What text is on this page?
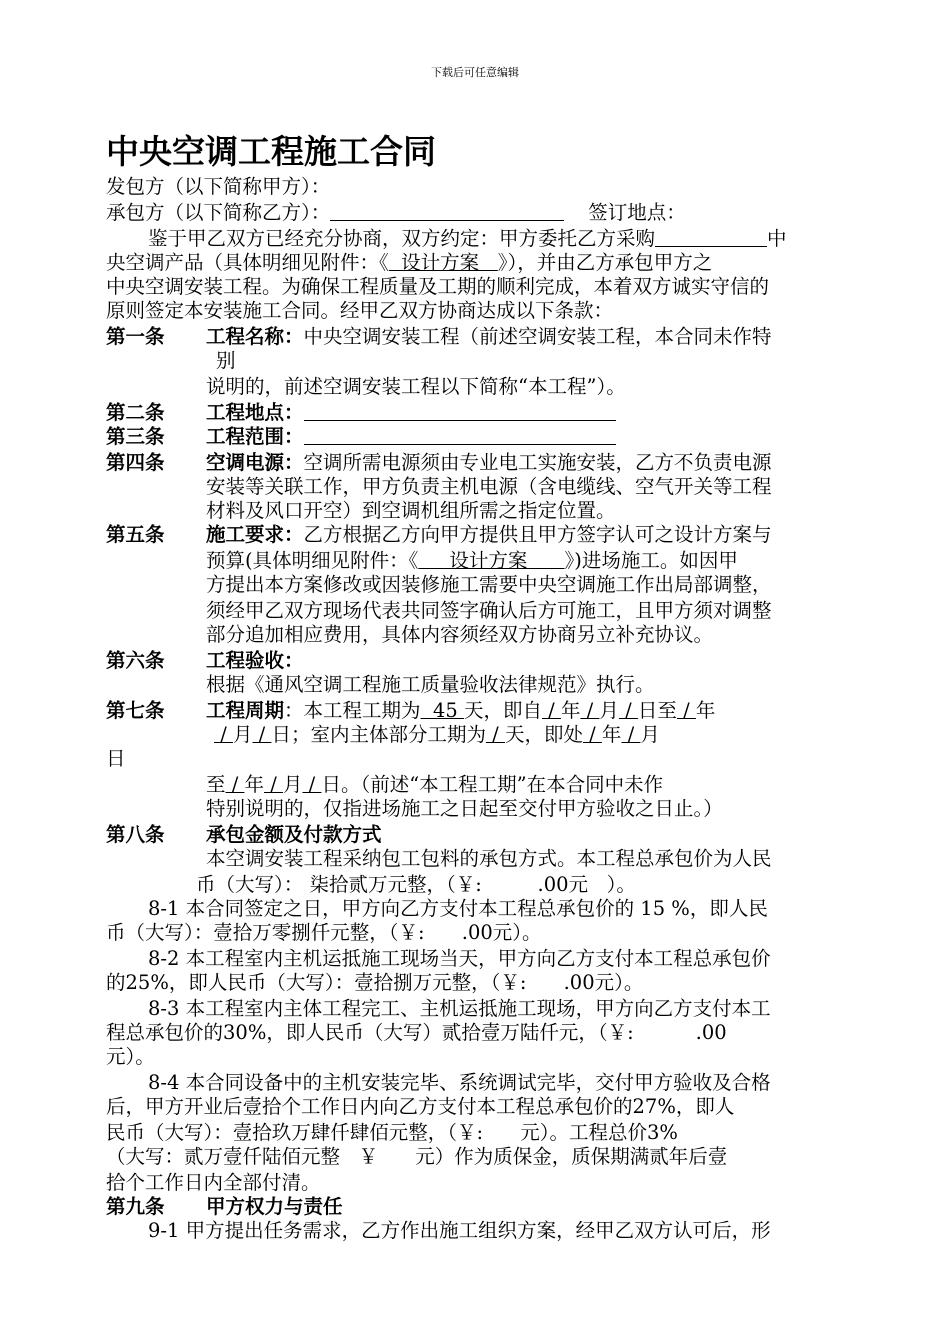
下载后可任意编辑
中央空调工程施工合同
发包方（以下简称甲方）：
承包方（以下简称乙方）：	签订地点：
鉴于甲乙双方已经充分协商，双方约定：甲方委托乙方采购	中
央空调产品（具体明细见附件：《  设计方案   》），并由乙方承包甲方之
中央空调安装工程。为确保工程质量及工期的顺利完成，本着双方诚实守信的
原则签定本安装施工合同。经甲乙双方协商达成以下条款：
第一条 工程名称：中央空调安装工程（前述空调安装工程，本合同未作特
别
说明的，前述空调安装工程以下简称“本工程”）。
第二条 工程地点：
第三条 工程范围：
第四条 空调电源：空调所需电源须由专业电工实施安装，乙方不负责电源
安装等关联工作，甲方负责主机电源（含电缆线、空气开关等工程
材料及风口开空）到空调机组所需之指定位置。
第五条 施工要求：乙方根据乙方向甲方提供且甲方签字认可之设计方案与
预算(具体明细见附件：《     设计方案      》)进场施工。如因甲
方提出本方案修改或因装修施工需要中央空调施工作出局部调整，
须经甲乙双方现场代表共同签字确认后方可施工，且甲方须对调整
部分追加相应费用，具体内容须经双方协商另立补充协议。
第六条 工程验收：
根据《通风空调工程施工质量验收法律规范》执行。
第七条 工程周期：本工程工期为  45 天，即自 / 年 / 月 / 日至 / 年
/ 月 / 日；室内主体部分工期为 / 天，即处 / 年 / 月
日
至 / 年 / 月 / 日。（前述“本工程工期”在本合同中未作
特别说明的，仅指进场施工之日起至交付甲方验收之日止。）
第八条 承包金额及付款方式
本空调安装工程采纳包工包料的承包方式。本工程总承包价为人民
币（大写）： 柒拾贰万元整，（￥:         .00元   ）。
8-1 本合同签定之日，甲方向乙方支付本工程总承包价的 15 %，即人民
币（大写）：壹拾万零捌仟元整，（￥:      .00元）。
8-2 本工程室内主机运抵施工现场当天，甲方向乙方支付本工程总承包价
的25%，即人民币（大写）：壹拾捌万元整，（￥:      .00元）。
8-3 本工程室内主体工程完工、主机运抵施工现场，甲方向乙方支付本工
程总承包价的30%，即人民币（大写）贰拾壹万陆仟元，（￥:          .00
元）。
8-4 本合同设备中的主机安装完毕、系统调试完毕，交付甲方验收及合格
后，甲方开业后壹拾个工作日内向乙方支付本工程总承包价的27%，即人
民币（大写）：壹拾玖万肆仟肆佰元整，（￥:      元）。工程总价3%
（大写：贰万壹仟陆佰元整   ￥      元）作为质保金，质保期满贰年后壹
拾个工作日内全部付清。
第九条 甲方权力与责任
9-1 甲方提出任务需求，乙方作出施工组织方案，经甲乙双方认可后，形
